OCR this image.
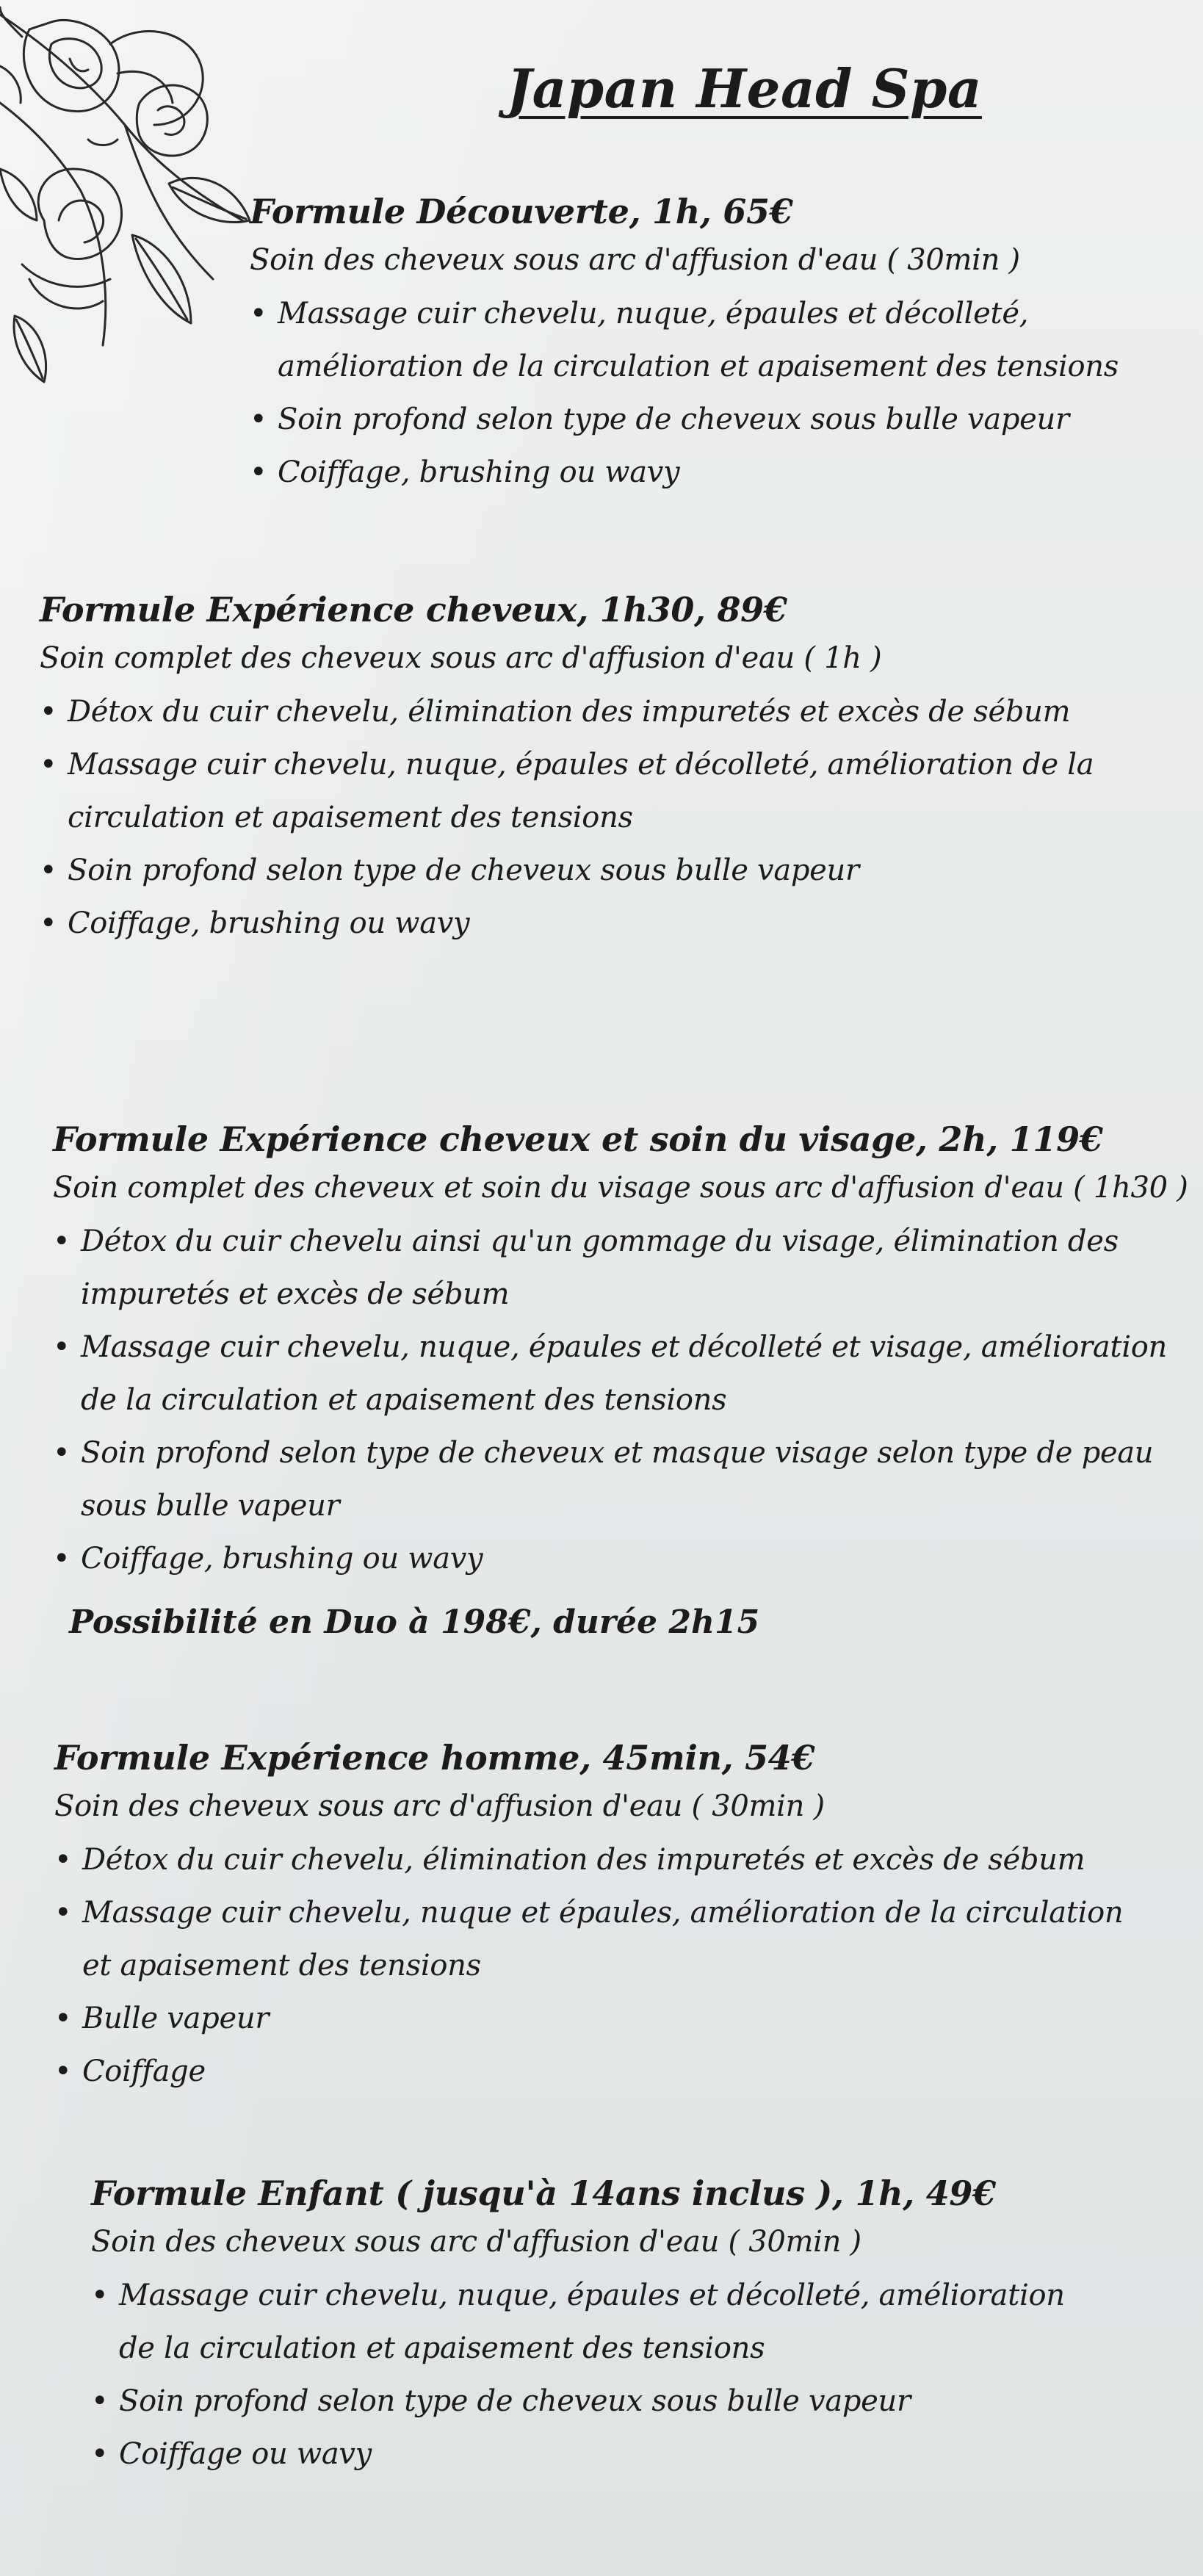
Japan Head Spa
Formule Découverte, 1h, 65€

Soin des cheveux sous arc d'affusion d'eau ( 30min )

• Massage cuir chevelu, nuque, épaules et décolleté, amélioration de la circulation et apaisement des tensions
• Soin profond selon type de cheveux sous bulle vapeur
• Coiffage, brushing ou wavy
Formule Expérience cheveux, 1h30, 89€

Soin complet des cheveux sous arc d'affusion d'eau ( 1h )

• Détox du cuir chevelu, élimination des impuretés et excès de sébum
• Massage cuir chevelu, nuque, épaules et décolleté, amélioration de la circulation et apaisement des tensions
• Soin profond selon type de cheveux sous bulle vapeur
• Coiffage, brushing ou wavy
Formule Expérience cheveux et soin du visage, 2h, 119€

Soin complet des cheveux et soin du visage sous arc d'affusion d'eau ( 1h30 )

• Détox du cuir chevelu ainsi qu'un gommage du visage, élimination des impuretés et excès de sébum
• Massage cuir chevelu, nuque, épaules et décolleté et visage, amélioration de la circulation et apaisement des tensions
• Soin profond selon type de cheveux et masque visage selon type de peau sous bulle vapeur
• Coiffage, brushing ou wavy

Possibilité en Duo à 198€, durée 2h15

Formule Expérience homme, 45min, 54€

Soin des cheveux sous arc d'affusion d'eau ( 30min )

• Détox du cuir chevelu, élimination des impuretés et excès de sébum
• Massage cuir chevelu, nuque et épaules, amélioration de la circulation et apaisement des tensions
• Bulle vapeur
• Coiffage
Formule Enfant ( jusqu'à 14ans inclus ), 1h, 49€

Soin des cheveux sous arc d'affusion d'eau ( 30min )

• Massage cuir chevelu, nuque, épaules et décolleté, amélioration de la circulation et apaisement des tensions
• Soin profond selon type de cheveux sous bulle vapeur
• Coiffage ou wavy
